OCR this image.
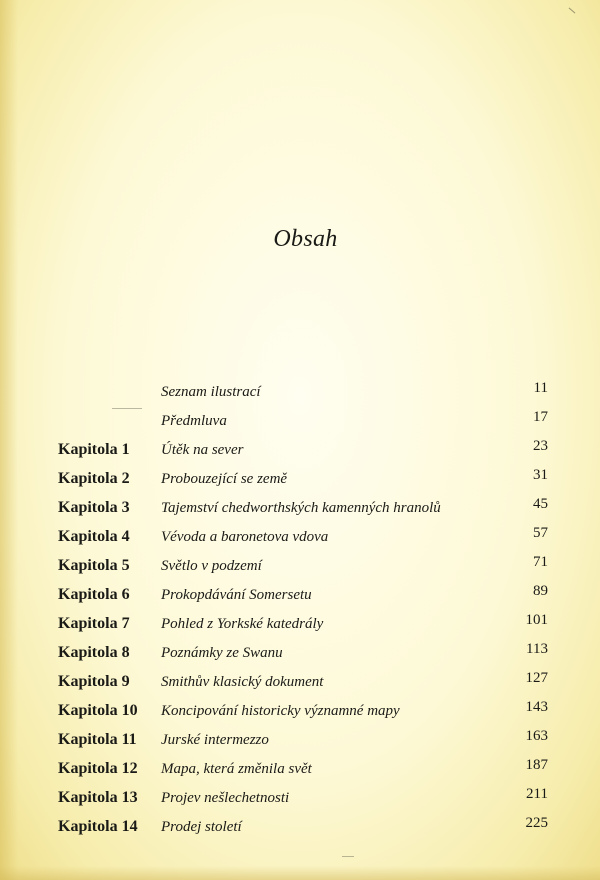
Obsah
Seznam ilustrací	11
Předmluva	17
Kapitola 1 Útěk na sever	23
Kapitola 2 Probouzející se země	31
Kapitola 3 Tajemství chedworthských kamenných hranolů	45
Kapitola 4 Vévoda a baronetova vdova	57
Kapitola 5 Světlo v podzemí	71
Kapitola 6 Prokopdávání Somersetu	89
Kapitola 7 Pohled z Yorkské katedrály	101
Kapitola 8 Poznámky ze Swanu	113
Kapitola 9 Smithův klasický dokument	127
Kapitola 10 Koncipování historicky významné mapy	143
Kapitola 11 Jurské intermezzo	163
Kapitola 12 Mapa, která změnila svět	187
Kapitola 13 Projev nešlechetnosti	211
Kapitola 14 Prodej století	225
